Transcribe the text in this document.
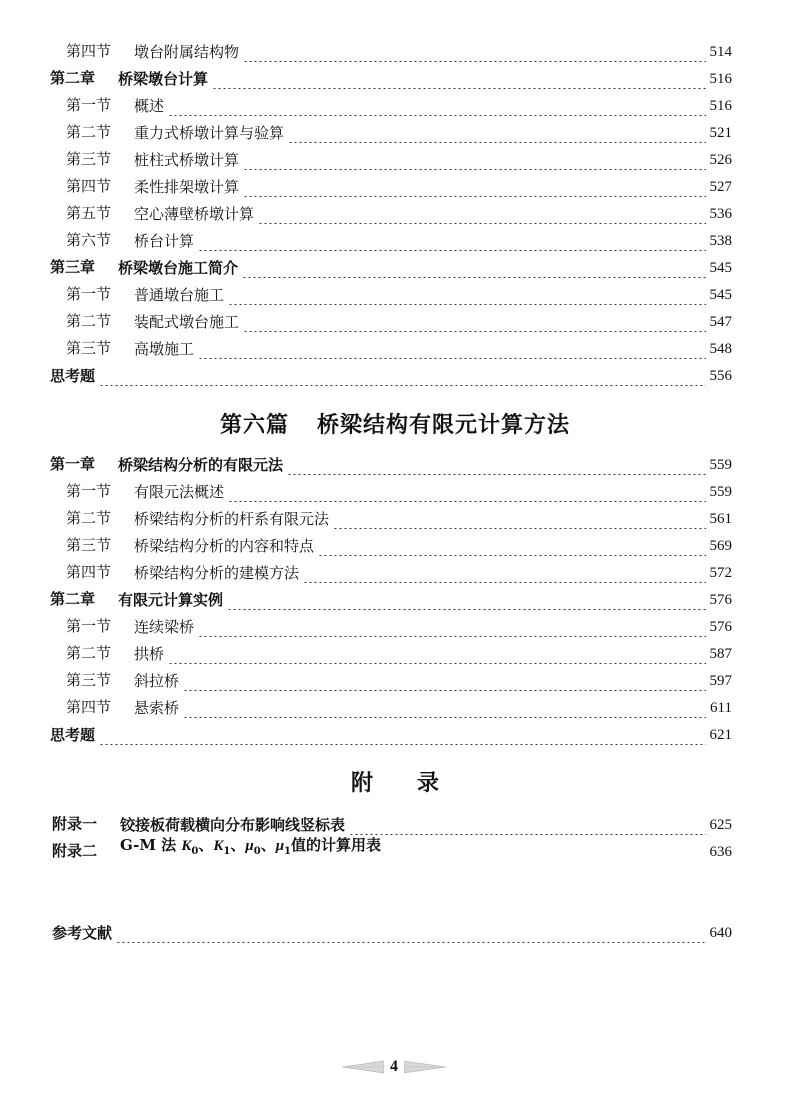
第四节	墩台附属结构物	514
第二章	桥梁墩台计算	516
第一节	概述	516
第二节	重力式桥墩计算与验算	521
第三节	桩柱式桥墩计算	526
第四节	柔性排架墩计算	527
第五节	空心薄壁桥墩计算	536
第六节	桥台计算	538
第三章	桥梁墩台施工简介	545
第一节	普通墩台施工	545
第二节	装配式墩台施工	547
第三节	高墩施工	548
思考题	556
第六篇 桥梁结构有限元计算方法
第一章	桥梁结构分析的有限元法	559
第一节	有限元法概述	559
第二节	桥梁结构分析的杆系有限元法	561
第三节	桥梁结构分析的内容和特点	569
第四节	桥梁结构分析的建模方法	572
第二章	有限元计算实例	576
第一节	连续梁桥	576
第二节	拱桥	587
第三节	斜拉桥	597
第四节	悬索桥	611
思考题	621
附 录
附录一	铰接板荷载横向分布影响线竖标表	625
附录二	G-M 法 $K_0$、$K_1$、$\mu_0$、$\mu_1$值的计算用表	636
参考文献	640
4
